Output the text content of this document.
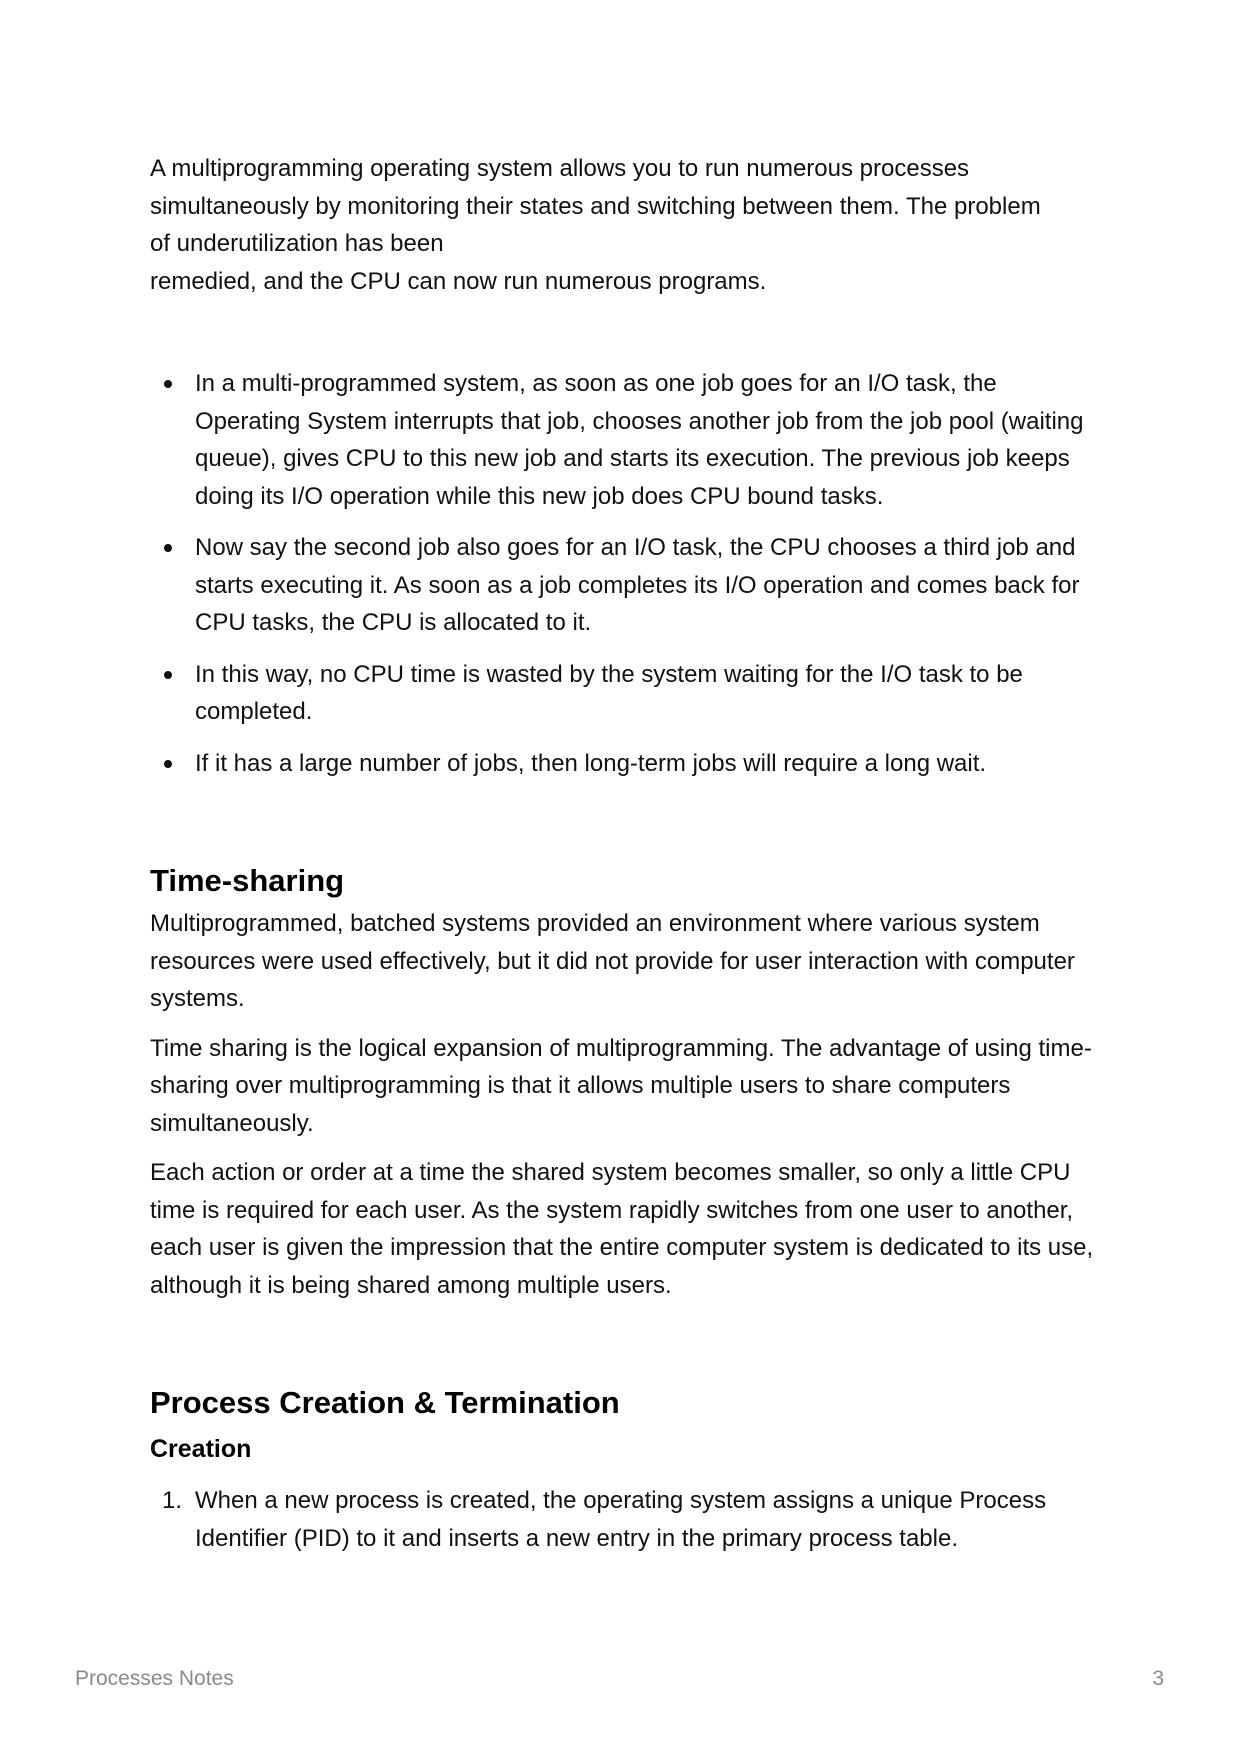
A multiprogramming operating system allows you to run numerous processes
simultaneously by monitoring their states and switching between them. The problem
of underutilization has been
remedied, and the CPU can now run numerous programs.

In a multi-programmed system, as soon as one job goes for an I/O task, the Operating System interrupts that job, chooses another job from the job pool (waiting queue), gives CPU to this new job and starts its execution. The previous job keeps doing its I/O operation while this new job does CPU bound tasks.
Now say the second job also goes for an I/O task, the CPU chooses a third job and starts executing it. As soon as a job completes its I/O operation and comes back for CPU tasks, the CPU is allocated to it.
In this way, no CPU time is wasted by the system waiting for the I/O task to be completed.
If it has a large number of jobs, then long-term jobs will require a long wait.
Time-sharing

Multiprogrammed, batched systems provided an environment where various system resources were used effectively, but it did not provide for user interaction with computer systems.

Time sharing is the logical expansion of multiprogramming. The advantage of using time-sharing over multiprogramming is that it allows multiple users to share computers simultaneously.

Each action or order at a time the shared system becomes smaller, so only a little CPU time is required for each user. As the system rapidly switches from one user to another, each user is given the impression that the entire computer system is dedicated to its use, although it is being shared among multiple users.

Process Creation & Termination
Creation
1. When a new process is created, the operating system assigns a unique Process Identifier (PID) to it and inserts a new entry in the primary process table.
Processes Notes	3
